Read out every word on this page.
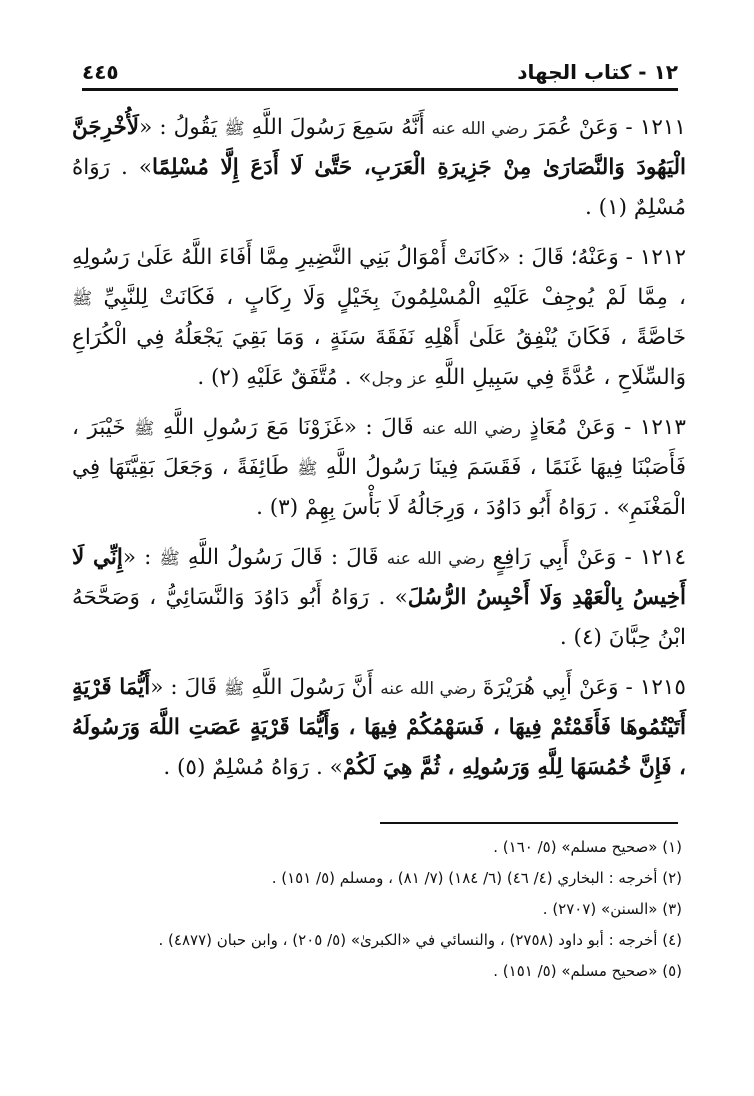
١٢ - كتاب الجهاد
٤٤٥

١٢١١ - وَعَنْ عُمَرَ رضي الله عنه أَنَّهُ سَمِعَ رَسُولَ اللَّهِ ﷺ يَقُولُ : «لَأُخْرِجَنَّ الْيَهُودَ وَالنَّصَارَىٰ مِنْ جَزِيرَةِ الْعَرَبِ، حَتَّىٰ لَا أَدَعَ إِلَّا مُسْلِمًا» . رَوَاهُ مُسْلِمٌ (١) .

١٢١٢ - وَعَنْهُ؛ قَالَ : «كَانَتْ أَمْوَالُ بَنِي النَّضِيرِ مِمَّا أَفَاءَ اللَّهُ عَلَىٰ رَسُولِهِ ، مِمَّا لَمْ يُوجِفْ عَلَيْهِ الْمُسْلِمُونَ بِخَيْلٍ وَلَا رِكَابٍ ، فَكَانَتْ لِلنَّبِيِّ ﷺ خَاصَّةً ، فَكَانَ يُنْفِقُ عَلَىٰ أَهْلِهِ نَفَقَةَ سَنَةٍ ، وَمَا بَقِيَ يَجْعَلُهُ فِي الْكُرَاعِ وَالسِّلَاحِ ، عُدَّةً فِي سَبِيلِ اللَّهِ عز وجل» . مُتَّفَقٌ عَلَيْهِ (٢) .

١٢١٣ - وَعَنْ مُعَاذٍ رضي الله عنه قَالَ : «غَزَوْنَا مَعَ رَسُولِ اللَّهِ ﷺ خَيْبَرَ ، فَأَصَبْنَا فِيهَا غَنَمًا ، فَقَسَمَ فِينَا رَسُولُ اللَّهِ ﷺ طَائِفَةً ، وَجَعَلَ بَقِيَّتَهَا فِي الْمَغْنَمِ» . رَوَاهُ أَبُو دَاوُدَ ، وَرِجَالُهُ لَا بَأْسَ بِهِمْ (٣) .

١٢١٤ - وَعَنْ أَبِي رَافِعٍ رضي الله عنه قَالَ : قَالَ رَسُولُ اللَّهِ ﷺ : «إِنِّي لَا أَخِيسُ بِالْعَهْدِ وَلَا أَحْبِسُ الرُّسُلَ» . رَوَاهُ أَبُو دَاوُدَ وَالنَّسَائِيُّ ، وَصَحَّحَهُ ابْنُ حِبَّانَ (٤) .

١٢١٥ - وَعَنْ أَبِي هُرَيْرَةَ رضي الله عنه أَنَّ رَسُولَ اللَّهِ ﷺ قَالَ : «أَيُّمَا قَرْيَةٍ أَتَيْتُمُوهَا فَأَقَمْتُمْ فِيهَا ، فَسَهْمُكُمْ فِيهَا ، وَأَيُّمَا قَرْيَةٍ عَصَتِ اللَّهَ وَرَسُولَهُ ، فَإِنَّ خُمُسَهَا لِلَّهِ وَرَسُولِهِ ، ثُمَّ هِيَ لَكُمْ» . رَوَاهُ مُسْلِمٌ (٥) .

(١) «صحيح مسلم» (٥/ ١٦٠) .
(٢) أخرجه : البخاري (٤/ ٤٦) (٦/ ١٨٤) (٧/ ٨١) ، ومسلم (٥/ ١٥١) .
(٣) «السنن» (٢٧٠٧) .
(٤) أخرجه : أبو داود (٢٧٥٨) ، والنسائي في «الكبرىٰ» (٥/ ٢٠٥) ، وابن حبان (٤٨٧٧) .
(٥) «صحيح مسلم» (٥/ ١٥١) .
